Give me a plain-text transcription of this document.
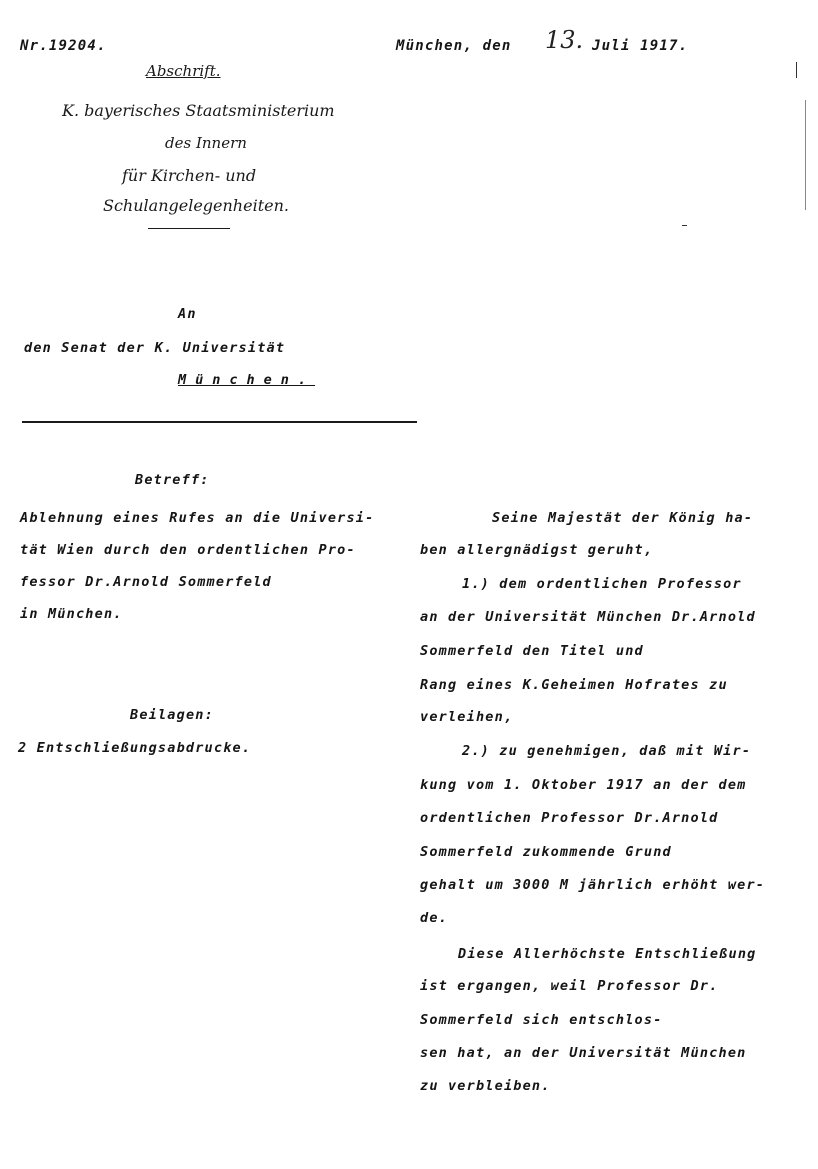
Nr.19204.	München, den 13. Juli 1917.
Abschrift.
K. bayerisches Staatsministerium
des Innern
für Kirchen- und
Schulangelegenheiten.
An
den Senat der K. Universität
München.
Betreff:
Ablehnung eines Rufes an die Universi-
tät Wien durch den ordentlichen Pro-
fessor Dr.Arnold Sommerfeld
in München.
Beilagen:
2 Entschließungsabdrucke.
Seine Majestät der König ha-
ben allergnädigst geruht,
1.) dem ordentlichen Professor
an der Universität München Dr.Arnold
Sommerfeld den Titel und
Rang eines K.Geheimen Hofrates zu
verleihen,
2.) zu genehmigen, daß mit Wir-
kung vom 1. Oktober 1917 an der dem
ordentlichen Professor Dr.Arnold
Sommerfeld zukommende Grund
gehalt um 3000 M jährlich erhöht wer-
de.
Diese Allerhöchste Entschließung
ist ergangen, weil Professor Dr.
Sommerfeld sich entschlos-
sen hat, an der Universität München
zu verbleiben.
